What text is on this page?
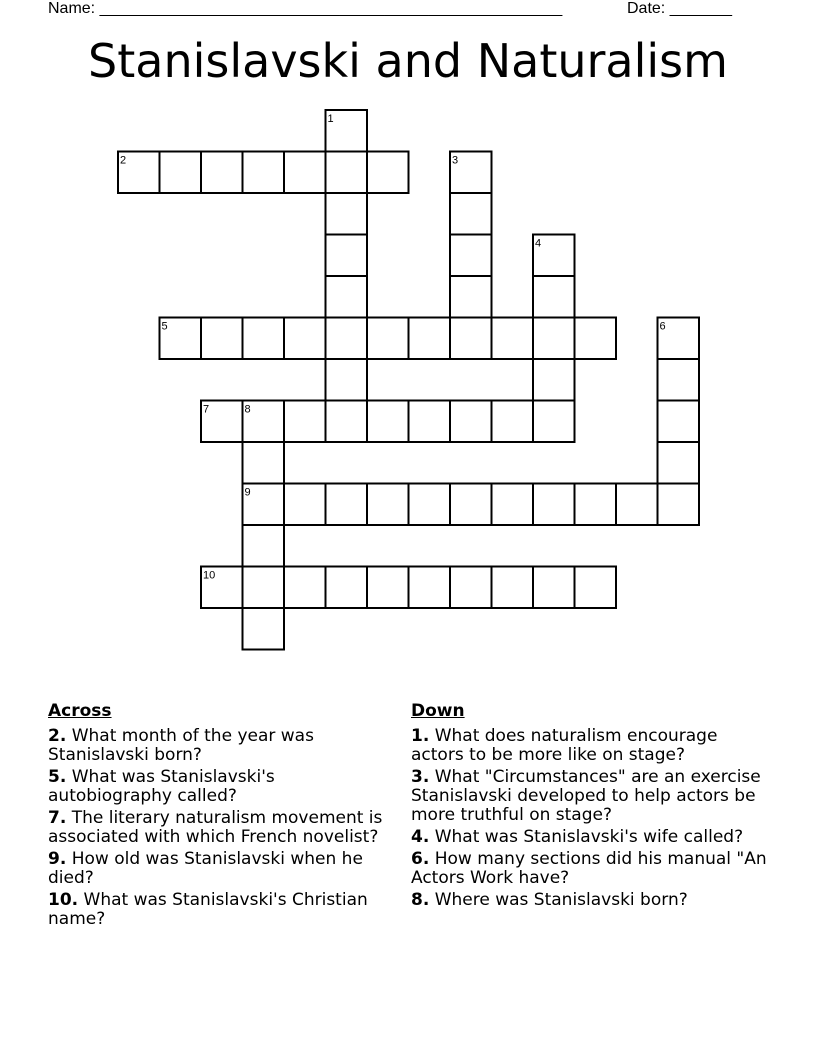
Name: ____________________________________________________	Date: _______
Stanislavski and Naturalism
1
2	3
4
5	6
7	8
9
10
Across
2. What month of the year was Stanislavski born?
5. What was Stanislavski's autobiography called?
7. The literary naturalism movement is associated with which French novelist?
9. How old was Stanislavski when he died?
10. What was Stanislavski's Christian name?
Down
1. What does naturalism encourage actors to be more like on stage?
3. What "Circumstances" are an exercise Stanislavski developed to help actors be more truthful on stage?
4. What was Stanislavski's wife called?
6. How many sections did his manual "An Actors Work have?
8. Where was Stanislavski born?
